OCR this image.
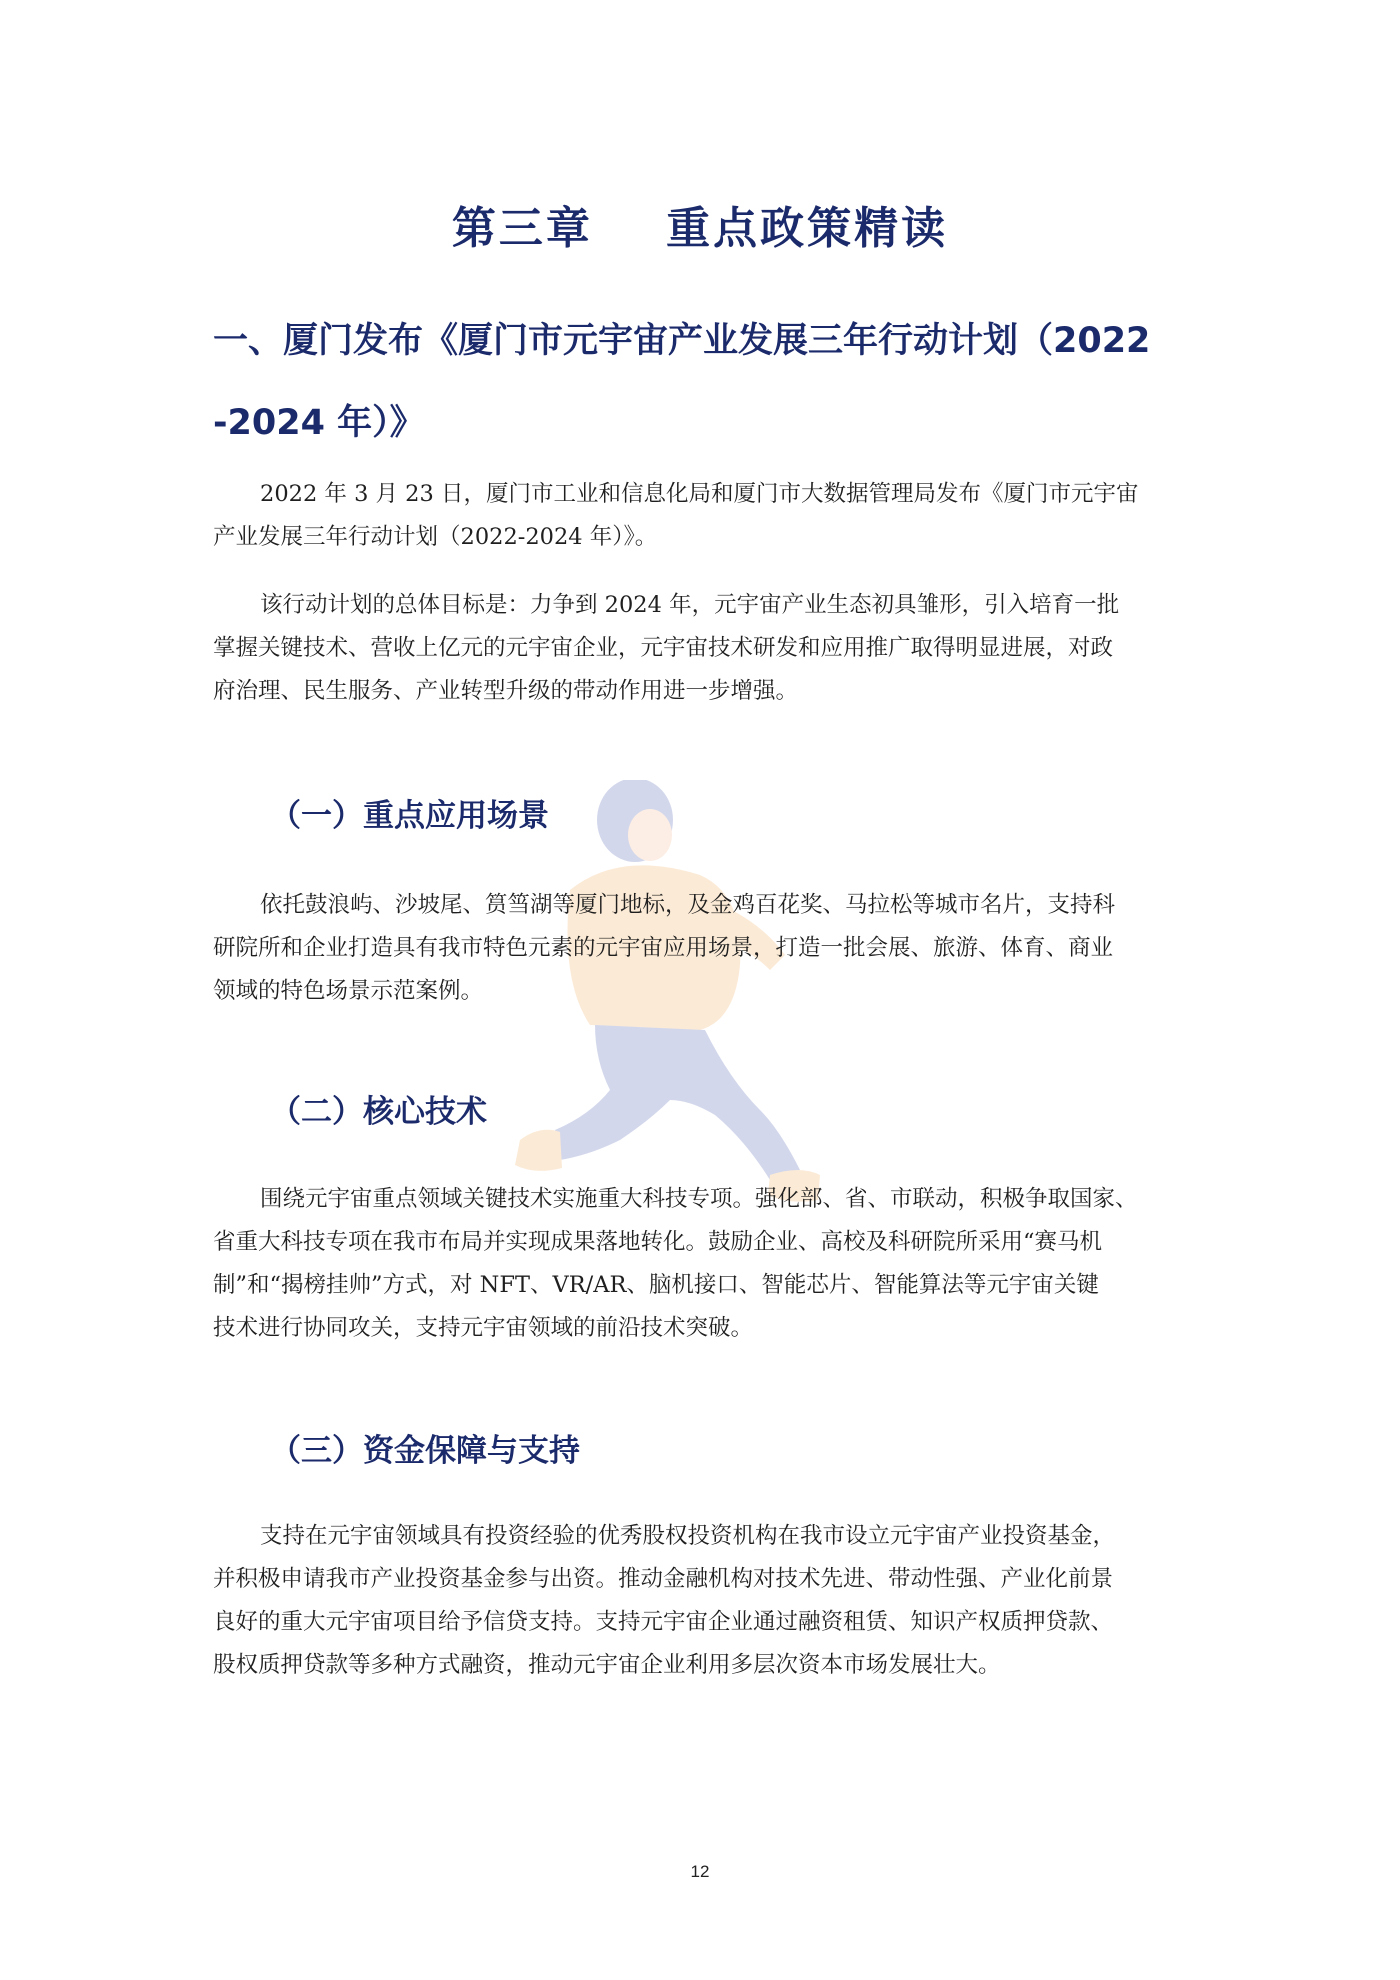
第三章    重点政策精读
一、厦门发布《厦门市元宇宙产业发展三年行动计划（2022
-2024 年）》
2022 年 3 月 23 日，厦门市工业和信息化局和厦门市大数据管理局发布《厦门市元宇宙
产业发展三年行动计划（2022-2024 年）》。
该行动计划的总体目标是：力争到 2024 年，元宇宙产业生态初具雏形，引入培育一批
掌握关键技术、营收上亿元的元宇宙企业，元宇宙技术研发和应用推广取得明显进展，对政
府治理、民生服务、产业转型升级的带动作用进一步增强。
（一）重点应用场景
依托鼓浪屿、沙坡尾、筼筜湖等厦门地标，及金鸡百花奖、马拉松等城市名片，支持科
研院所和企业打造具有我市特色元素的元宇宙应用场景，打造一批会展、旅游、体育、商业
领域的特色场景示范案例。
（二）核心技术
围绕元宇宙重点领域关键技术实施重大科技专项。强化部、省、市联动，积极争取国家、
省重大科技专项在我市布局并实现成果落地转化。鼓励企业、高校及科研院所采用“赛马机
制”和“揭榜挂帅”方式，对 NFT、VR/AR、脑机接口、智能芯片、智能算法等元宇宙关键
技术进行协同攻关，支持元宇宙领域的前沿技术突破。
（三）资金保障与支持
支持在元宇宙领域具有投资经验的优秀股权投资机构在我市设立元宇宙产业投资基金，
并积极申请我市产业投资基金参与出资。推动金融机构对技术先进、带动性强、产业化前景
良好的重大元宇宙项目给予信贷支持。支持元宇宙企业通过融资租赁、知识产权质押贷款、
股权质押贷款等多种方式融资，推动元宇宙企业利用多层次资本市场发展壮大。
12
